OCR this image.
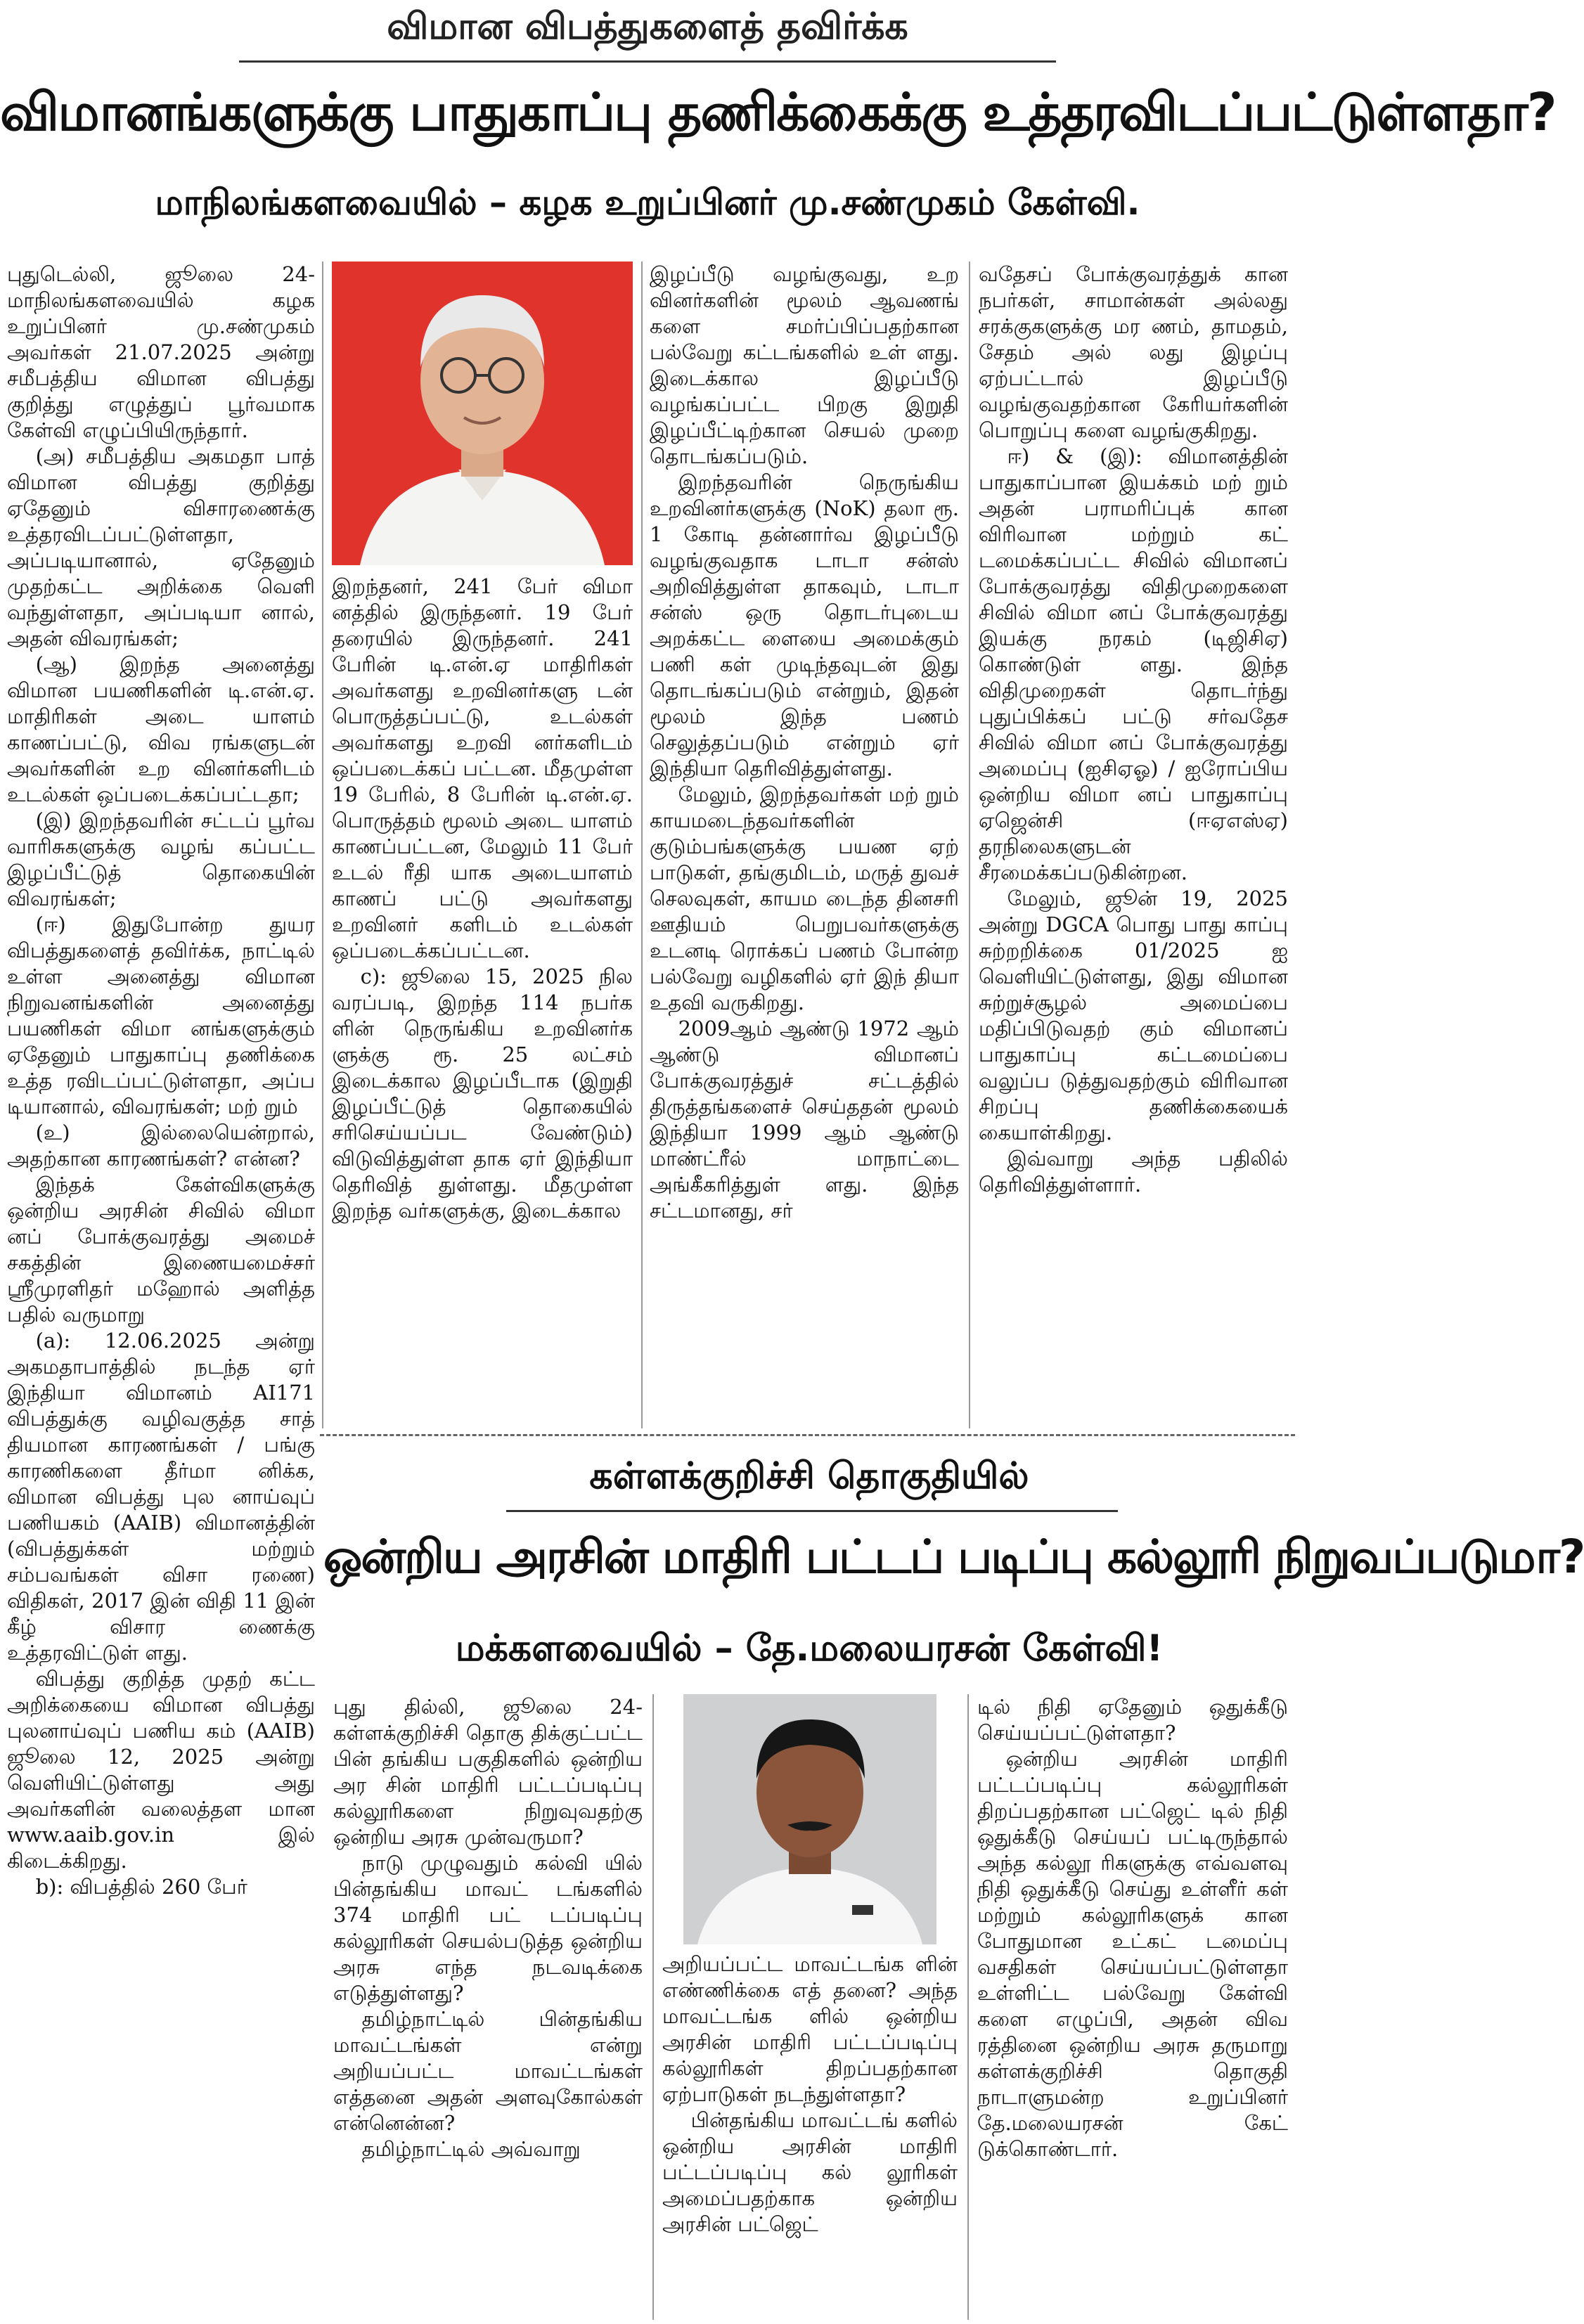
விமான விபத்துகளைத் தவிர்க்க
விமானங்களுக்கு பாதுகாப்பு தணிக்கைக்கு உத்தரவிடப்பட்டுள்ளதா?
மாநிலங்களவையில் – கழக உறுப்பினர் மு.சண்முகம் கேள்வி.

புதுடெல்லி, ஜூலை 24- மாநிலங்களவையில் கழக உறுப்பினர் மு.சண்முகம் அவர்கள் 21.07.2025 அன்று சமீபத்திய விமான விபத்து குறித்து எழுத்துப் பூர்வமாக கேள்வி எழுப்பியிருந்தார்.

(அ) சமீபத்திய அகமதா பாத் விமான விபத்து குறித்து ஏதேனும் விசாரணைக்கு உத்தரவிடப்பட்டுள்ளதா, அப்படியானால், ஏதேனும் முதற்கட்ட அறிக்கை வெளி வந்துள்ளதா, அப்படியா னால், அதன் விவரங்கள்;

(ஆ) இறந்த அனைத்து விமான பயணிகளின் டி.என்.ஏ. மாதிரிகள் அடை யாளம் காணப்பட்டு, விவ ரங்களுடன் அவர்களின் உற வினர்களிடம் உடல்கள் ஒப்படைக்கப்பட்டதா;

(இ) இறந்தவரின் சட்டப் பூர்வ வாரிசுகளுக்கு வழங் கப்பட்ட இழப்பீட்டுத் தொகையின் விவரங்கள்;

(ஈ) இதுபோன்ற துயர விபத்துகளைத் தவிர்க்க, நாட்டில் உள்ள அனைத்து விமான நிறுவனங்களின் அனைத்து பயணிகள் விமா னங்களுக்கும் ஏதேனும் பாதுகாப்பு தணிக்கை உத்த ரவிடப்பட்டுள்ளதா, அப்ப டியானால், விவரங்கள்; மற் றும்

(உ) இல்லையென்றால், அதற்கான காரணங்கள்? என்ன?

இந்தக் கேள்விகளுக்கு ஒன்றிய அரசின் சிவில் விமா னப் போக்குவரத்து அமைச் சகத்தின் இணையமைச்சர் ஸ்ரீமுரளிதர் மஹோல் அளித்த பதில் வருமாறு

(a): 12.06.2025 அன்று அகமதாபாத்தில் நடந்த ஏர் இந்தியா விமானம் AI171 விபத்துக்கு வழிவகுத்த சாத் தியமான காரணங்கள் / பங்கு காரணிகளை தீர்மா னிக்க, விமான விபத்து புல னாய்வுப் பணியகம் (AAIB) விமானத்தின் (விபத்துக்கள் மற்றும் சம்பவங்கள் விசா ரணை) விதிகள், 2017 இன் விதி 11 இன் கீழ் விசார ணைக்கு உத்தரவிட்டுள் ளது.

விபத்து குறித்த முதற் கட்ட அறிக்கையை விமான விபத்து புலனாய்வுப் பணிய கம் (AAIB) ஜூலை 12, 2025 அன்று வெளியிட்டுள்ளது அது அவர்களின் வலைத்தள மான www.aaib.gov.in இல் கிடைக்கிறது.

b): விபத்தில் 260 பேர்

இறந்தனர், 241 பேர் விமா னத்தில் இருந்தனர். 19 பேர் தரையில் இருந்தனர். 241 பேரின் டி.என்.ஏ மாதிரிகள் அவர்களது உறவினர்களு டன் பொருத்தப்பட்டு, உடல்கள் அவர்களது உறவி னர்களிடம் ஒப்படைக்கப் பட்டன. மீதமுள்ள 19 பேரில், 8 பேரின் டி.என்.ஏ. பொருத்தம் மூலம் அடை யாளம் காணப்பட்டன, மேலும் 11 பேர் உடல் ரீதி யாக அடையாளம் காணப் பட்டு அவர்களது உறவினர் களிடம் உடல்கள் ஒப்படைக்கப்பட்டன.

c): ஜூலை 15, 2025 நில வரப்படி, இறந்த 114 நபர்க ளின் நெருங்கிய உறவினர்க ளுக்கு ரூ. 25 லட்சம் இடைக்கால இழப்பீடாக (இறுதி இழப்பீட்டுத் தொகையில் சரிசெய்யப்பட வேண்டும்) விடுவித்துள்ள தாக ஏர் இந்தியா தெரிவித் துள்ளது. மீதமுள்ள இறந்த வர்களுக்கு, இடைக்கால

இழப்பீடு வழங்குவது, உற வினர்களின் மூலம் ஆவணங் களை சமர்ப்பிப்பதற்கான பல்வேறு கட்டங்களில் உள் ளது. இடைக்கால இழப்பீடு வழங்கப்பட்ட பிறகு இறுதி இழப்பீட்டிற்கான செயல் முறை தொடங்கப்படும்.

இறந்தவரின் நெருங்கிய உறவினர்களுக்கு (NoK) தலா ரூ. 1 கோடி தன்னார்வ இழப்பீடு வழங்குவதாக டாடா சன்ஸ் அறிவித்துள்ள தாகவும், டாடா சன்ஸ் ஒரு தொடர்புடைய அறக்கட்ட ளையை அமைக்கும் பணி கள் முடிந்தவுடன் இது தொடங்கப்படும் என்றும், இதன் மூலம் இந்த பணம் செலுத்தப்படும் என்றும் ஏர் இந்தியா தெரிவித்துள்ளது.

மேலும், இறந்தவர்கள் மற் றும் காயமடைந்தவர்களின் குடும்பங்களுக்கு பயண ஏற் பாடுகள், தங்குமிடம், மருத் துவச் செலவுகள், காயம டைந்த தினசரி ஊதியம் பெறுபவர்களுக்கு உடனடி ரொக்கப் பணம் போன்ற பல்வேறு வழிகளில் ஏர் இந் தியா உதவி வருகிறது.

2009ஆம் ஆண்டு 1972 ஆம் ஆண்டு விமானப் போக்குவரத்துச் சட்டத்தில் திருத்தங்களைச் செய்ததன் மூலம் இந்தியா 1999 ஆம் ஆண்டு மாண்ட்ரீல் மாநாட்டை அங்கீகரித்துள் ளது. இந்த சட்டமானது, சர்

வதேசப் போக்குவரத்துக் கான நபர்கள், சாமான்கள் அல்லது சரக்குகளுக்கு மர ணம், தாமதம், சேதம் அல் லது இழப்பு ஏற்பட்டால் இழப்பீடு வழங்குவதற்கான கேரியர்களின் பொறுப்பு களை வழங்குகிறது.

ஈ) & (இ): விமானத்தின் பாதுகாப்பான இயக்கம் மற் றும் அதன் பராமரிப்புக் கான விரிவான மற்றும் கட் டமைக்கப்பட்ட சிவில் விமானப் போக்குவரத்து விதிமுறைகளை சிவில் விமா னப் போக்குவரத்து இயக்கு நரகம் (டிஜிசிஏ) கொண்டுள் ளது. இந்த விதிமுறைகள் தொடர்ந்து புதுப்பிக்கப் பட்டு சர்வதேச சிவில் விமா னப் போக்குவரத்து அமைப்பு (ஐசிஏஓ) / ஐரோப்பிய ஒன்றிய விமா னப் பாதுகாப்பு ஏஜென்சி (ஈஏஎஸ்ஏ) தரநிலைகளுடன் சீரமைக்கப்படுகின்றன.

மேலும், ஜூன் 19, 2025 அன்று DGCA பொது பாது காப்பு சுற்றறிக்கை 01/2025 ஐ வெளியிட்டுள்ளது, இது விமான சுற்றுச்சூழல் அமைப்பை மதிப்பிடுவதற் கும் விமானப் பாதுகாப்பு கட்டமைப்பை வலுப்ப டுத்துவதற்கும் விரிவான சிறப்பு தணிக்கையைக் கையாள்கிறது.

இவ்வாறு அந்த பதிலில் தெரிவித்துள்ளார்.

கள்ளக்குறிச்சி தொகுதியில்
ஒன்றிய அரசின் மாதிரி பட்டப் படிப்பு கல்லூரி நிறுவப்படுமா?
மக்களவையில் – தே.மலையரசன் கேள்வி!

புது தில்லி, ஜூலை 24- கள்ளக்குறிச்சி தொகு திக்குட்பட்ட பின் தங்கிய பகுதிகளில் ஒன்றிய அர சின் மாதிரி பட்டப்படிப்பு கல்லூரிகளை நிறுவுவதற்கு ஒன்றிய அரசு முன்வருமா?

நாடு முழுவதும் கல்வி யில் பின்தங்கிய மாவட் டங்களில் 374 மாதிரி பட் டப்படிப்பு கல்லூரிகள் செயல்படுத்த ஒன்றிய அரசு எந்த நடவடிக்கை எடுத்துள்ளது?

தமிழ்நாட்டில் பின்தங்கிய மாவட்டங்கள் என்று அறியப்பட்ட மாவட்டங்கள் எத்தனை அதன் அளவுகோல்கள் என்னென்ன?

தமிழ்நாட்டில் அவ்வாறு

அறியப்பட்ட மாவட்டங்க ளின் எண்ணிக்கை எத் தனை? அந்த மாவட்டங்க ளில் ஒன்றிய அரசின் மாதிரி பட்டப்படிப்பு கல்லூரிகள் திறப்பதற்கான ஏற்பாடுகள் நடந்துள்ளதா?

பின்தங்கிய மாவட்டங் களில் ஒன்றிய அரசின் மாதிரி பட்டப்படிப்பு கல் லூரிகள் அமைப்பதற்காக ஒன்றிய அரசின் பட்ஜெட்

டில் நிதி ஏதேனும் ஒதுக்கீடு செய்யப்பட்டுள்ளதா?

ஒன்றிய அரசின் மாதிரி பட்டப்படிப்பு கல்லூரிகள் திறப்பதற்கான பட்ஜெட் டில் நிதி ஒதுக்கீடு செய்யப் பட்டிருந்தால் அந்த கல்லூ ரிகளுக்கு எவ்வளவு நிதி ஒதுக்கீடு செய்து உள்ளீர் கள் மற்றும் கல்லூரிகளுக் கான போதுமான உட்கட் டமைப்பு வசதிகள் செய்யப்பட்டுள்ளதா உள்ளிட்ட பல்வேறு கேள்வி களை எழுப்பி, அதன் விவ ரத்தினை ஒன்றிய அரசு தருமாறு கள்ளக்குறிச்சி தொகுதி நாடாளுமன்ற உறுப்பினர் தே.மலையரசன் கேட் டுக்கொண்டார்.
